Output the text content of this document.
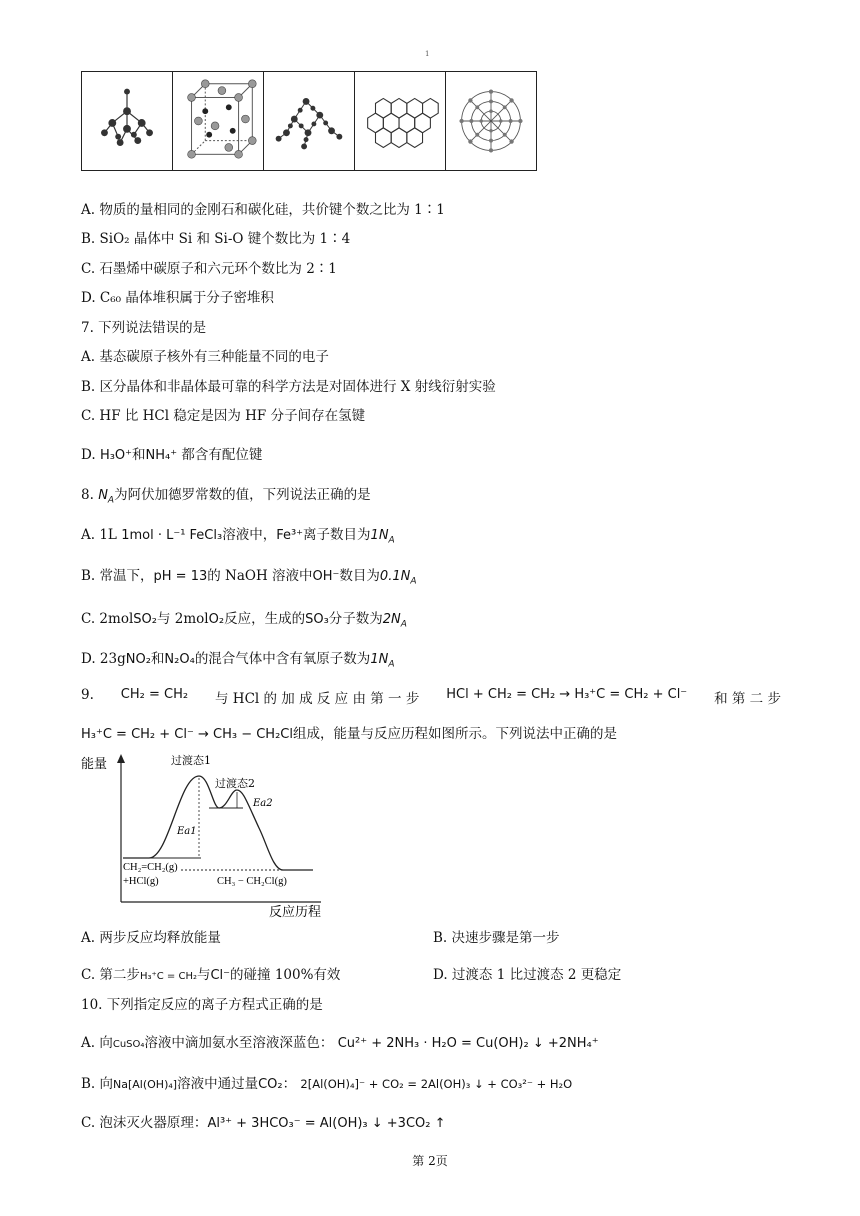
1
A. 物质的量相同的金刚石和碳化硅，共价键个数之比为 1∶1
B. SiO₂ 晶体中 Si 和 Si-O 键个数比为 1∶4
C. 石墨烯中碳原子和六元环个数比为 2∶1
D. C₆₀ 晶体堆积属于分子密堆积
7. 下列说法错误的是
A. 基态碳原子核外有三种能量不同的电子
B. 区分晶体和非晶体最可靠的科学方法是对固体进行 X 射线衍射实验
C. HF 比 HCl 稳定是因为 HF 分子间存在氢键
D. H₃O⁺和NH₄⁺ 都含有配位键
8. $N_A$为阿伏加德罗常数的值，下列说法正确的是
A. 1L 1mol · L⁻¹ FeCl₃溶液中，Fe³⁺离子数目为$1N_A$
B. 常温下，pH = 13的 NaOH 溶液中OH⁻数目为$0.1N_A$
C. 2molSO₂与 2molO₂反应，生成的SO₃分子数为$2N_A$
D. 23gNO₂和N₂O₄的混合气体中含有氧原子数为$1N_A$
9. CH₂ = CH₂ 与 HCl 的 加 成 反 应 由 第 一 步 HCl + CH₂ = CH₂ → H₃⁺C = CH₂ + Cl⁻ 和 第 二 步
H₃⁺C = CH₂ + Cl⁻ → CH₃ − CH₂Cl组成，能量与反应历程如图所示。下列说法中正确的是
能量
反应历程
过渡态1
过渡态2
Ea2
Ea1
CH₂=CH₂(g)
+HCl(g)	CH₃ − CH₂Cl(g)
A. 两步反应均释放能量	B. 决速步骤是第一步
C. 第二步H₃⁺C = CH₂与Cl⁻的碰撞 100%有效	D. 过渡态 1 比过渡态 2 更稳定
10. 下列指定反应的离子方程式正确的是
A. 向CuSO₄溶液中滴加氨水至溶液深蓝色： Cu²⁺ + 2NH₃ · H₂O = Cu(OH)₂ ↓ +2NH₄⁺
B. 向Na[Al(OH)₄]溶液中通过量CO₂： 2[Al(OH)₄]⁻ + CO₂ = 2Al(OH)₃ ↓ + CO₃²⁻ + H₂O
C. 泡沫灭火器原理：Al³⁺ + 3HCO₃⁻ = Al(OH)₃ ↓ +3CO₂ ↑
第 2页
